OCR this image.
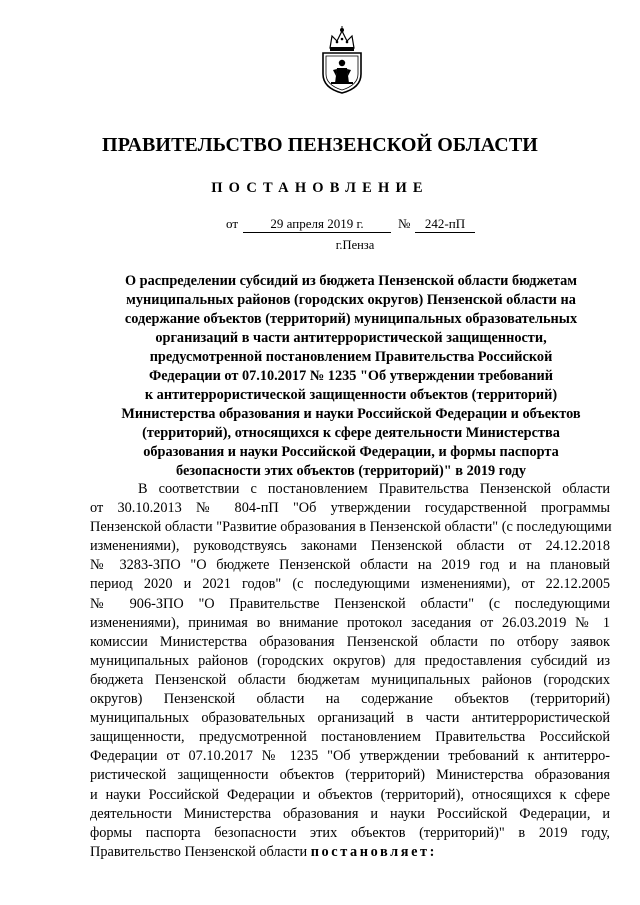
ПРАВИТЕЛЬСТВО ПЕНЗЕНСКОЙ ОБЛАСТИ
ПОСТАНОВЛЕНИЕ
от	29 апреля 2019 г.	№	242-пП
г.Пенза
О распределении субсидий из бюджета Пензенской области бюджетам
муниципальных районов (городских округов) Пензенской области на
содержание объектов (территорий) муниципальных образовательных
организаций в части антитеррористической защищенности,
предусмотренной постановлением Правительства Российской
Федерации от 07.10.2017 № 1235 "Об утверждении требований
к антитеррористической защищенности объектов (территорий)
Министерства образования и науки Российской Федерации и объектов
(территорий), относящихся к сфере деятельности Министерства
образования и науки Российской Федерации, и формы паспорта
безопасности этих объектов (территорий)" в 2019 году
В соответствии с постановлением Правительства Пензенской области
от 30.10.2013 № 804-пП "Об утверждении государственной программы
Пензенской области "Развитие образования в Пензенской области" (с последующими
изменениями), руководствуясь законами Пензенской области от 24.12.2018
№ 3283-ЗПО "О бюджете Пензенской области на 2019 год и на плановый
период 2020 и 2021 годов" (с последующими изменениями), от 22.12.2005
№ 906-ЗПО "О Правительстве Пензенской области" (с последующими
изменениями), принимая во внимание протокол заседания от 26.03.2019 № 1
комиссии Министерства образования Пензенской области по отбору заявок
муниципальных районов (городских округов) для предоставления субсидий из
бюджета Пензенской области бюджетам муниципальных районов (городских
округов) Пензенской области на содержание объектов (территорий)
муниципальных образовательных организаций в части антитеррористической
защищенности, предусмотренной постановлением Правительства Российской
Федерации от 07.10.2017 № 1235 "Об утверждении требований к антитерро-
ристической защищенности объектов (территорий) Министерства образования
и науки Российской Федерации и объектов (территорий), относящихся к сфере
деятельности Министерства образования и науки Российской Федерации, и
формы паспорта безопасности этих объектов (территорий)" в 2019 году,
Правительство Пензенской области постановляет:
